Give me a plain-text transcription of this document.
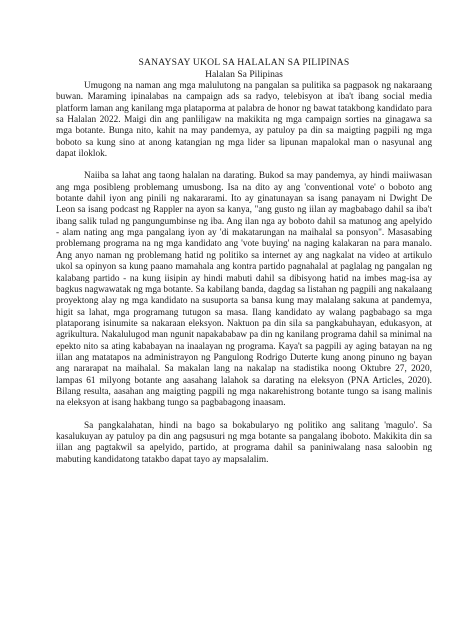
SANAYSAY UKOL SA HALALAN SA PILIPINAS

Halalan Sa Pilipinas

Umugong na naman ang mga malulutong na pangalan sa pulitika sa pagpasok ng nakaraang buwan. Maraming ipinalabas na campaign ads sa radyo, telebisyon at iba't ibang social media platform laman ang kanilang mga plataporma at palabra de honor ng bawat tatakbong kandidato para sa Halalan 2022. Maigi din ang panliligaw na makikita ng mga campaign sorties na ginagawa sa mga botante. Bunga nito, kahit na may pandemya, ay patuloy pa din sa maigting pagpili ng mga boboto sa kung sino at anong katangian ng mga lider sa lipunan mapalokal man o nasyunal ang dapat iloklok.

Naiiba sa lahat ang taong halalan na darating. Bukod sa may pandemya, ay hindi maiiwasan ang mga posibleng problemang umusbong. Isa na dito ay ang 'conventional vote' o boboto ang botante dahil iyon ang pinili ng nakararami. Ito ay ginatunayan sa isang panayam ni Dwight De Leon sa isang podcast ng Rappler na ayon sa kanya, "ang gusto ng iilan ay magbabago dahil sa iba't ibang salik tulad ng pangungumbinse ng iba. Ang ilan nga ay boboto dahil sa matunog ang apelyido - alam nating ang mga pangalang iyon ay 'di makatarungan na maihalal sa ponsyon". Masasabing problemang programa na ng mga kandidato ang 'vote buying' na naging kalakaran na para manalo. Ang anyo naman ng problemang hatid ng politiko sa internet ay ang nagkalat na video at artikulo ukol sa opinyon sa kung paano mamahala ang kontra partido pagnahalal at paglalag ng pangalan ng kalabang partido - na kung iisipin ay hindi mabuti dahil sa dibisyong hatid na imbes mag-isa ay bagkus nagwawatak ng mga botante. Sa kabilang banda, dagdag sa listahan ng pagpili ang nakalaang proyektong alay ng mga kandidato na susuporta sa bansa kung may malalang sakuna at pandemya, higit sa lahat, mga programang tutugon sa masa. Ilang kandidato ay walang pagbabago sa mga plataporang isinumite sa nakaraan eleksyon. Naktuon pa din sila sa pangkabuhayan, edukasyon, at agrikultura. Nakalulugod man ngunit napakababaw pa din ng kanilang programa dahil sa minimal na epekto nito sa ating kababayan na inaalayan ng programa. Kaya't sa pagpili ay aging batayan na ng iilan ang matatapos na administrayon ng Pangulong Rodrigo Duterte kung anong pinuno ng bayan ang nararapat na maihalal. Sa makalan lang na nakalap na stadistika noong Oktubre 27, 2020, lampas 61 milyong botante ang aasahang lalahok sa darating na eleksyon (PNA Articles, 2020). Bilang resulta, aasahan ang maigting pagpili ng mga nakarehistrong botante tungo sa isang malinis na eleksyon at isang hakbang tungo sa pagbabagong inaasam.

Sa pangkalahatan, hindi na bago sa bokabularyo ng politiko ang salitang 'magulo'. Sa kasalukuyan ay patuloy pa din ang pagsusuri ng mga botante sa pangalang iboboto. Makikita din sa iilan ang pagtakwil sa apelyido, partido, at programa dahil sa paniniwalang nasa saloobin ng mabuting kandidatong tatakbo dapat tayo ay mapsalalim.
